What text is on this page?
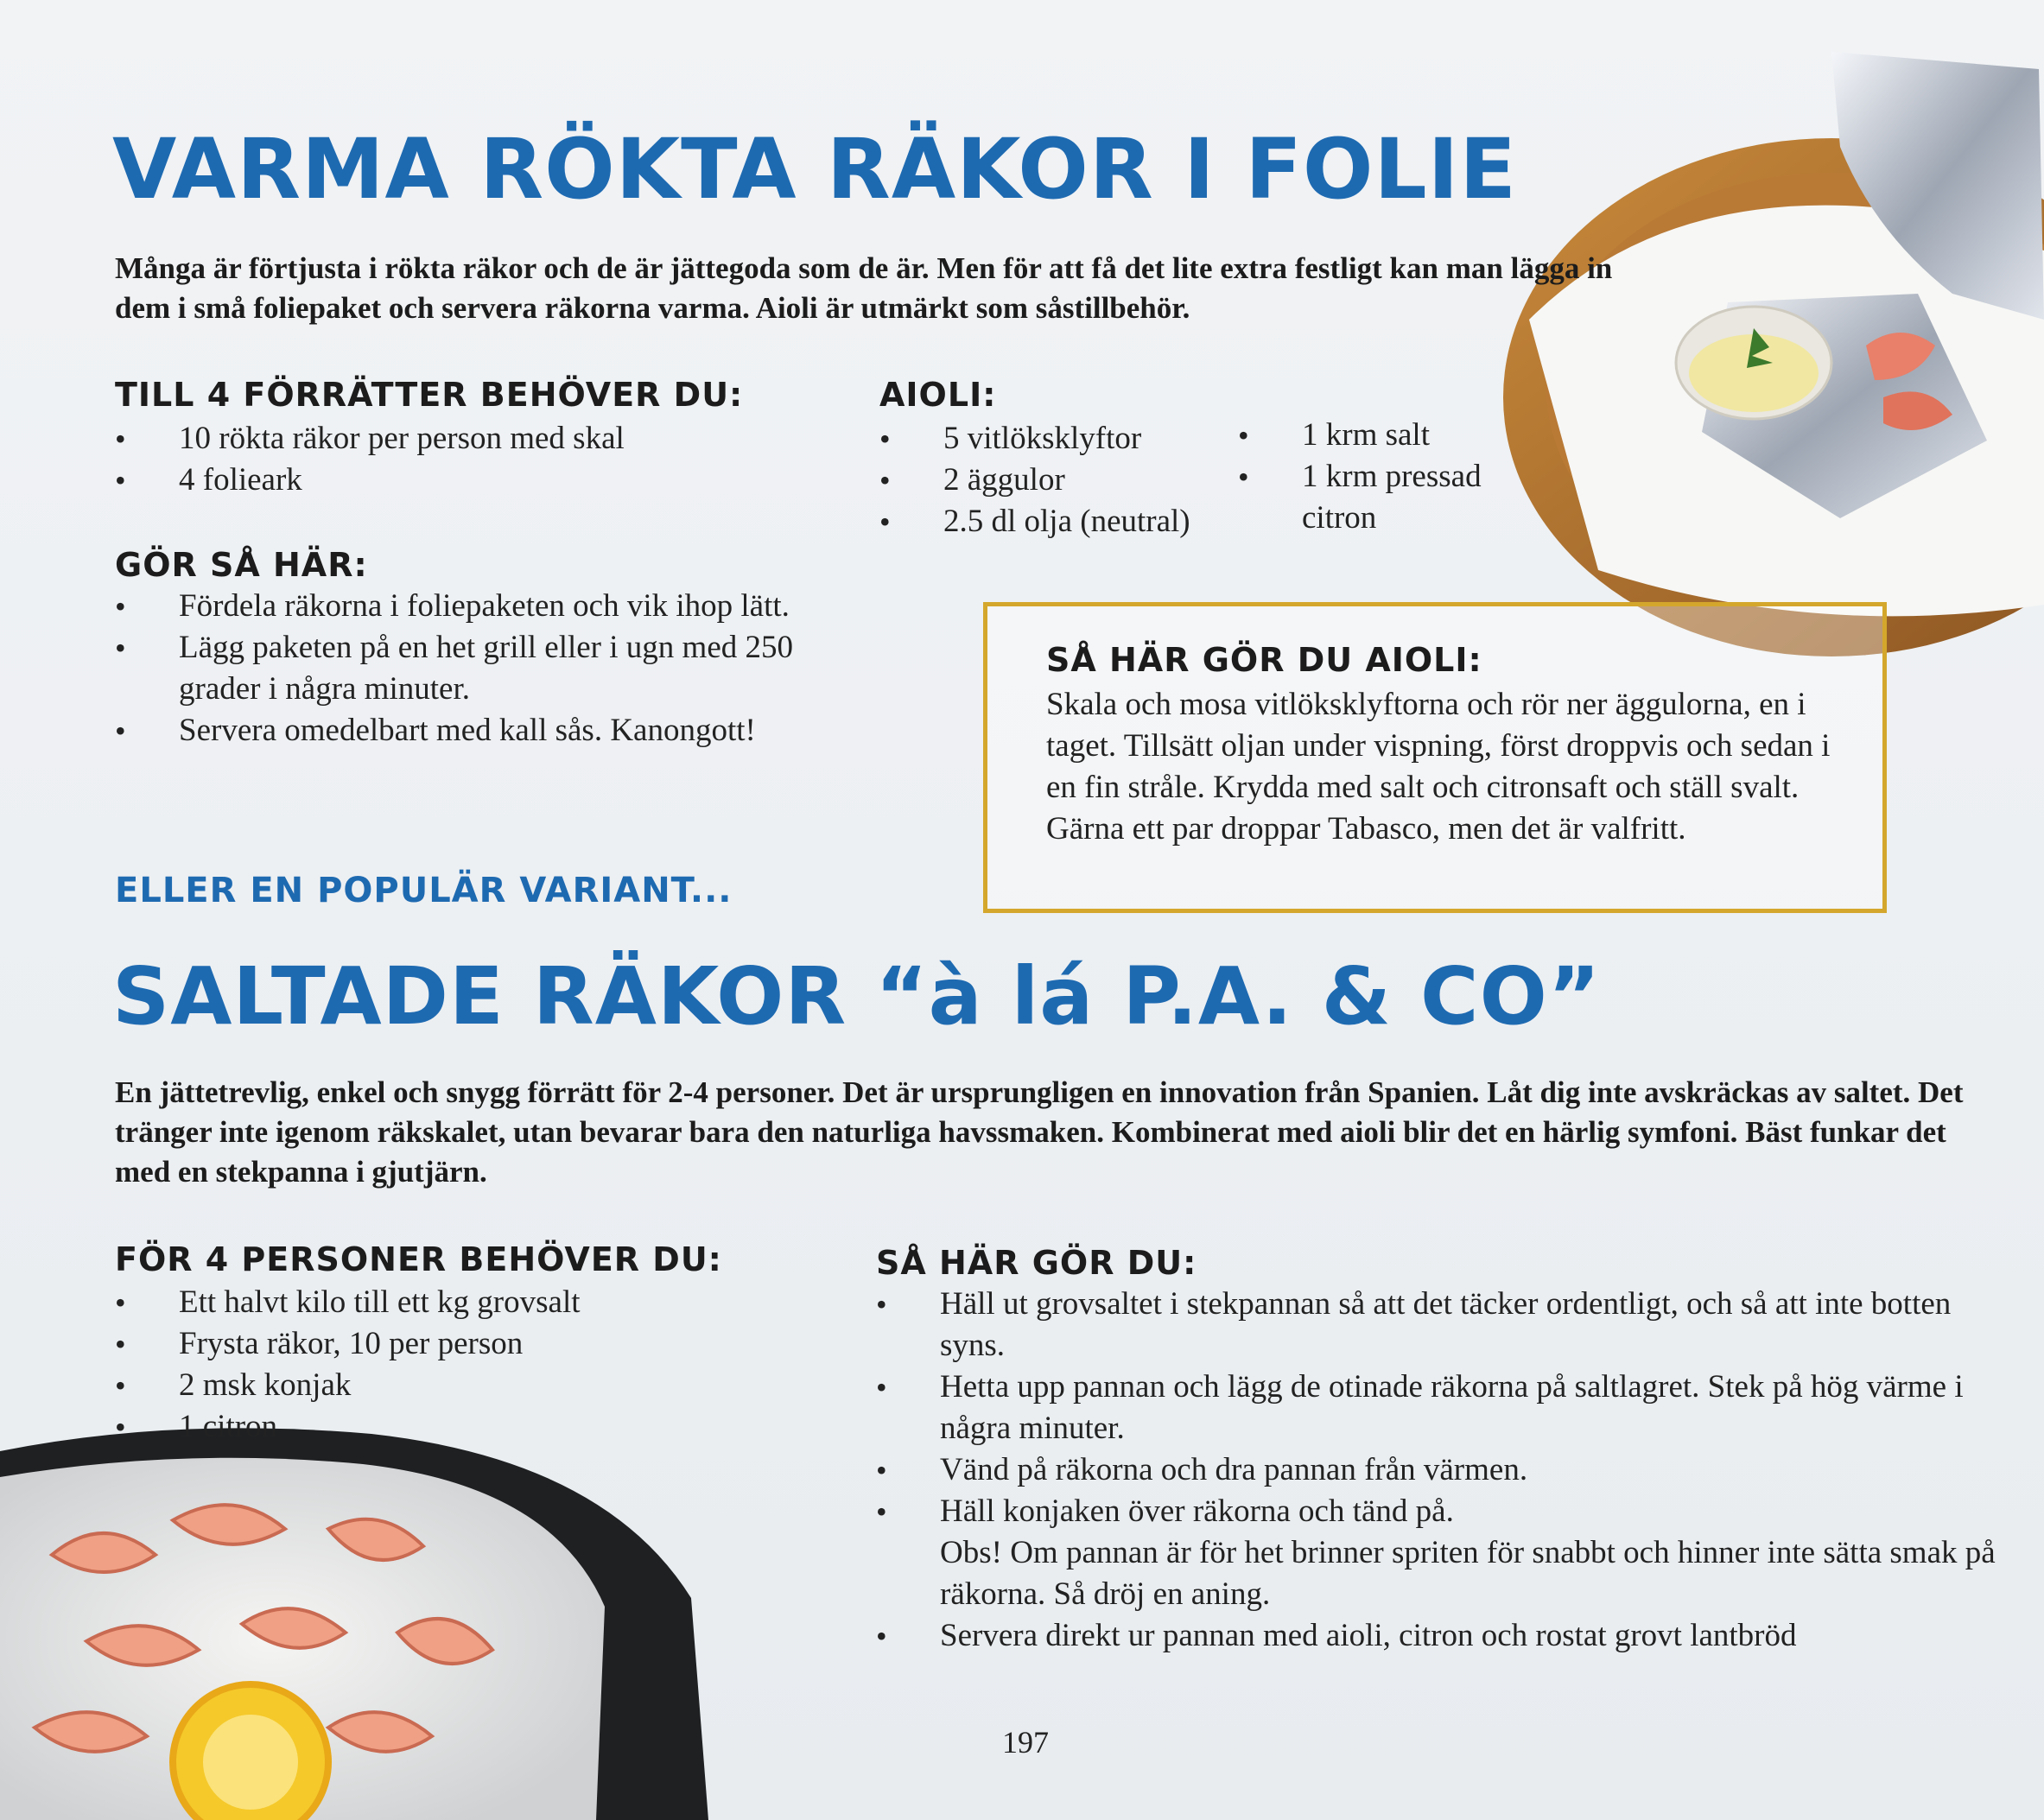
VARMA RÖKTA RÄKOR I FOLIE

Många är förtjusta i rökta räkor och de är jättegoda som de är. Men för att få det lite extra festligt kan man lägga in dem i små foliepaket och servera räkorna varma. Aioli är utmärkt som såstillbehör.

TILL 4 FÖRRÄTTER BEHÖVER DU:
• 10 rökta räkor per person med skal
• 4 folieark
GÖR SÅ HÄR:
• Fördela räkorna i foliepaketen och vik ihop lätt.
• Lägg paketen på en het grill eller i ugn med 250 grader i några minuter.
• Servera omedelbart med kall sås. Kanongott!
AIOLI:
• 5 vitlöksklyftor
• 2 äggulor
• 2.5 dl olja (neutral)
• 1 krm salt
• 1 krm pressad citron
SÅ HÄR GÖR DU AIOLI:

Skala och mosa vitlöksklyftorna och rör ner äggulorna, en i taget. Tillsätt oljan under vispning, först droppvis och sedan i en fin stråle. Krydda med salt och citronsaft och ställ svalt. Gärna ett par droppar Tabasco, men det är valfritt.

ELLER EN POPULÄR VARIANT...

SALTADE RÄKOR “à lá P.A. & CO”

En jättetrevlig, enkel och snygg förrätt för 2-4 personer. Det är ursprungligen en innovation från Spanien. Låt dig inte avskräckas av saltet. Det tränger inte igenom räkskalet, utan bevarar bara den naturliga havssmaken. Kombinerat med aioli blir det en härlig symfoni. Bäst funkar det med en stekpanna i gjutjärn.

FÖR 4 PERSONER BEHÖVER DU:
• Ett halvt kilo till ett kg grovsalt
• Frysta räkor, 10 per person
• 2 msk konjak
• 1 citron
SÅ HÄR GÖR DU:
• Häll ut grovsaltet i stekpannan så att det täcker ordentligt, och så att inte botten syns.
• Hetta upp pannan och lägg de otinade räkorna på saltlagret. Stek på hög värme i några minuter.
• Vänd på räkorna och dra pannan från värmen.
• Häll konjaken över räkorna och tänd på.
Obs! Om pannan är för het brinner spriten för snabbt och hinner inte sätta smak på räkorna. Så dröj en aning.
• Servera direkt ur pannan med aioli, citron och rostat grovt lantbröd
197
